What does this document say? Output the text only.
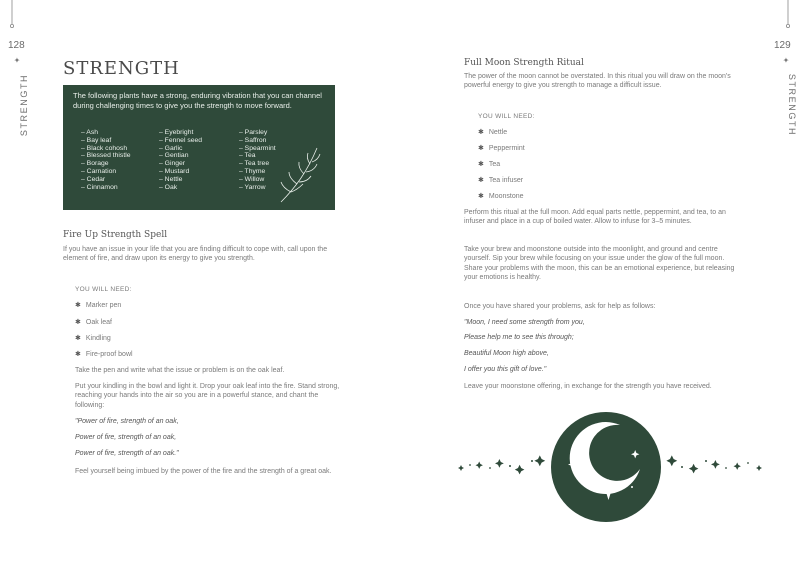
128
✦
STRENGTH
STRENGTH

The following plants have a strong, enduring vibration that you can channel during challenging times to give you the strength to move forward.

– Ash
– Bay leaf
– Black cohosh
– Blessed thistle
– Borage
– Carnation
– Cedar
– Cinnamon
– Eyebright
– Fennel seed
– Garlic
– Gentian
– Ginger
– Mustard
– Nettle
– Oak
– Parsley
– Saffron
– Spearmint
– Tea
– Tea tree
– Thyme
– Willow
– Yarrow
Fire Up Strength Spell

If you have an issue in your life that you are finding difficult to cope with, call upon the element of fire, and draw upon its energy to give you strength.

YOU WILL NEED:
✱ Marker pen
✱ Oak leaf
✱ Kindling
✱ Fire-proof bowl

Take the pen and write what the issue or problem is on the oak leaf.

Put your kindling in the bowl and light it. Drop your oak leaf into the fire. Stand strong, reaching your hands into the air so you are in a powerful stance, and chant the following:

"Power of fire, strength of an oak,
Power of fire, strength of an oak,
Power of fire, strength of an oak."

Feel yourself being imbued by the power of the fire and the strength of a great oak.

129
✦
STRENGTH
Full Moon Strength Ritual

The power of the moon cannot be overstated. In this ritual you will draw on the moon's powerful energy to give you strength to manage a difficult issue.

YOU WILL NEED:
✱ Nettle
✱ Peppermint
✱ Tea
✱ Tea infuser
✱ Moonstone

Perform this ritual at the full moon. Add equal parts nettle, peppermint, and tea, to an infuser and place in a cup of boiled water. Allow to infuse for 3–5 minutes.

Take your brew and moonstone outside into the moonlight, and ground and centre yourself. Sip your brew while focusing on your issue under the glow of the full moon. Share your problems with the moon, this can be an emotional experience, but releasing your emotions is healthy.

Once you have shared your problems, ask for help as follows:

"Moon, I need some strength from you,
Please help me to see this through;
Beautiful Moon high above,
I offer you this gift of love."

Leave your moonstone offering, in exchange for the strength you have received.
